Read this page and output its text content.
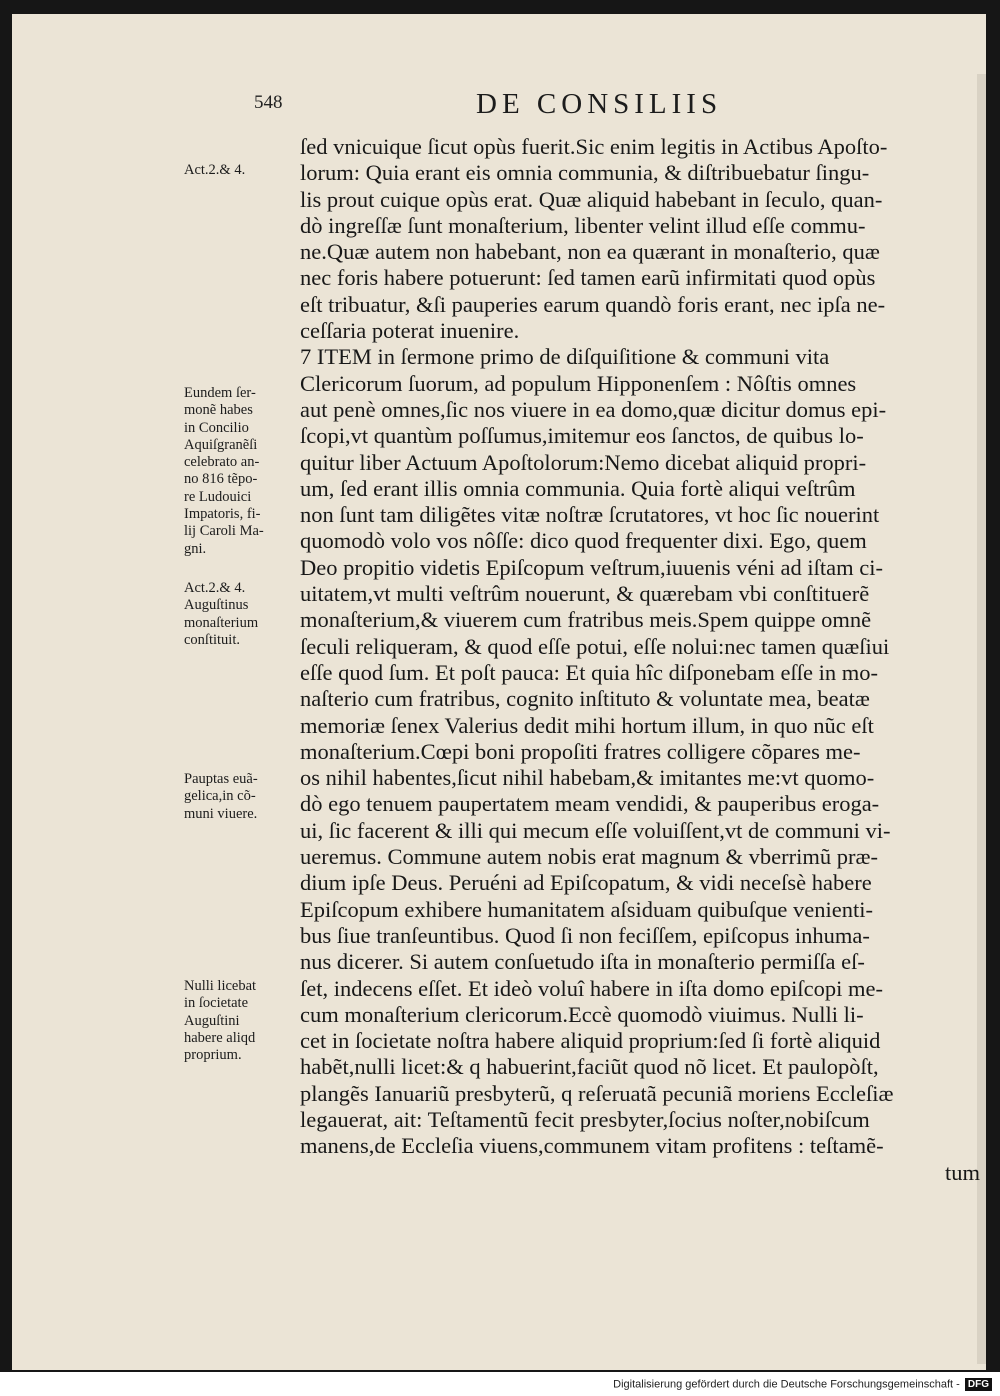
548	DE CONSILIIS
ſed vnicuique ſicut opùs fuerit.Sic enim legitis in Actibus Apoſto-
lorum: Quia erant eis omnia communia, & diſtribuebatur ſingu-
lis prout cuique opùs erat. Quæ aliquid habebant in ſeculo, quan-
dò ingreſſæ ſunt monaſterium, libenter velint illud eſſe commu-
ne.Quæ autem non habebant, non ea quærant in monaſterio, quæ
nec foris habere potuerunt: ſed tamen earũ infirmitati quod opùs
eſt tribuatur, &ſi pauperies earum quandò foris erant, nec ipſa ne-
ceſſaria poterat inuenire.
7 ITEM in ſermone primo de diſquiſitione & communi vita
Clericorum ſuorum, ad populum Hipponenſem : Nôſtis omnes
aut penè omnes,ſic nos viuere in ea domo,quæ dicitur domus epi-
ſcopi,vt quantùm poſſumus,imitemur eos ſanctos, de quibus lo-
quitur liber Actuum Apoſtolorum:Nemo dicebat aliquid propri-
um, ſed erant illis omnia communia. Quia fortè aliqui veſtrûm
non ſunt tam diligẽtes vitæ noſtræ ſcrutatores, vt hoc ſic nouerint
quomodò volo vos nôſſe: dico quod frequenter dixi. Ego, quem
Deo propitio videtis Epiſcopum veſtrum,iuuenis véni ad iſtam ci-
uitatem,vt multi veſtrûm nouerunt, & quærebam vbi conſtituerẽ
monaſterium,& viuerem cum fratribus meis.Spem quippe omnẽ
ſeculi reliqueram, & quod eſſe potui, eſſe nolui:nec tamen quæſiui
eſſe quod ſum. Et poſt pauca: Et quia hîc diſponebam eſſe in mo-
naſterio cum fratribus, cognito inſtituto & voluntate mea, beatæ
memoriæ ſenex Valerius dedit mihi hortum illum, in quo nũc eſt
monaſterium.Cœpi boni propoſiti fratres colligere cõpares me-
os nihil habentes,ſicut nihil habebam,& imitantes me:vt quomo-
dò ego tenuem paupertatem meam vendidi, & pauperibus eroga-
ui, ſic facerent & illi qui mecum eſſe voluiſſent,vt de communi vi-
ueremus. Commune autem nobis erat magnum & vberrimũ præ-
dium ipſe Deus. Peruéni ad Epiſcopatum, & vidi neceſsè habere
Epiſcopum exhibere humanitatem aſsiduam quibuſque venienti-
bus ſiue tranſeuntibus. Quod ſi non feciſſem, epiſcopus inhuma-
nus dicerer. Si autem conſuetudo iſta in monaſterio permiſſa eſ-
ſet, indecens eſſet. Et ideò voluî habere in iſta domo epiſcopi me-
cum monaſterium clericorum.Eccè quomodò viuimus. Nulli li-
cet in ſocietate noſtra habere aliquid proprium:ſed ſi fortè aliquid
habẽt,nulli licet:& q habuerint,faciũt quod nõ licet. Et paulopòſt,
plangẽs Ianuariũ presbyterũ, q reſeruatã pecuniã moriens Eccleſiæ
legauerat, ait: Teſtamentũ fecit presbyter,ſocius noſter,nobiſcum
manens,de Eccleſia viuens,communem vitam profitens : teſtamẽ-
tum
Act.2.& 4.
Eundem ſer-
monẽ habes
in Concilio
Aquiſgranẽſi
celebrato an-
no 816 tẽpo-
re Ludouici
Impatoris, fi-
lij Caroli Ma-
gni.
Act.2.& 4.
Auguſtinus
monaſterium
conſtituit.
Pauptas euã-
gelica,in cõ-
muni viuere.
Nulli licebat
in ſocietate
Auguſtini
habere aliqd
proprium.
Digitalisierung gefördert durch die Deutsche Forschungsgemeinschaft - DFG
